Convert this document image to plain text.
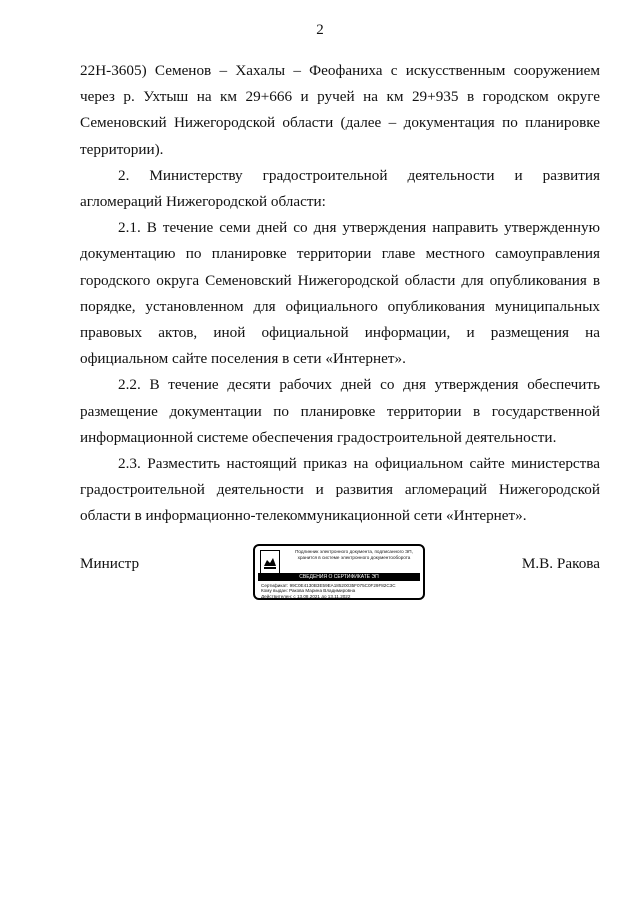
2

22Н-3605) Семенов – Хахалы – Феофаниха с искусственным сооружением через р. Ухтыш на км 29+666 и ручей на км 29+935 в городском округе Семеновский Нижегородской области (далее – документация по планировке территории).

2. Министерству градостроительной деятельности и развития агломераций Нижегородской области:

2.1. В течение семи дней со дня утверждения направить утвержденную документацию по планировке территории главе местного самоуправления городского округа Семеновский Нижегородской области для опубликования в порядке, установленном для официального опубликования муниципальных правовых актов, иной официальной информации, и размещения на официальном сайте поселения в сети «Интернет».

2.2. В течение десяти рабочих дней со дня утверждения обеспечить размещение документации по планировке территории в государственной информационной системе обеспечения градостроительной деятельности.

2.3. Разместить настоящий приказ на официальном сайте министерства градостроительной деятельности и развития агломераций Нижегородской области в информационно-телекоммуникационной сети «Интернет».

Министр
Подлинник электронного документа, подписанного ЭП,
хранится в системе электронного документооборота
СВЕДЕНИЯ О СЕРТИФИКАТЕ ЭП
Сертификат: 99C0E4130B3E59EA18520035F075C0F29F82C3C
Кому выдан: Ракова Марина Владимировна
Действителен: с 13.08.2021 до 13.11.2022
М.В. Ракова
